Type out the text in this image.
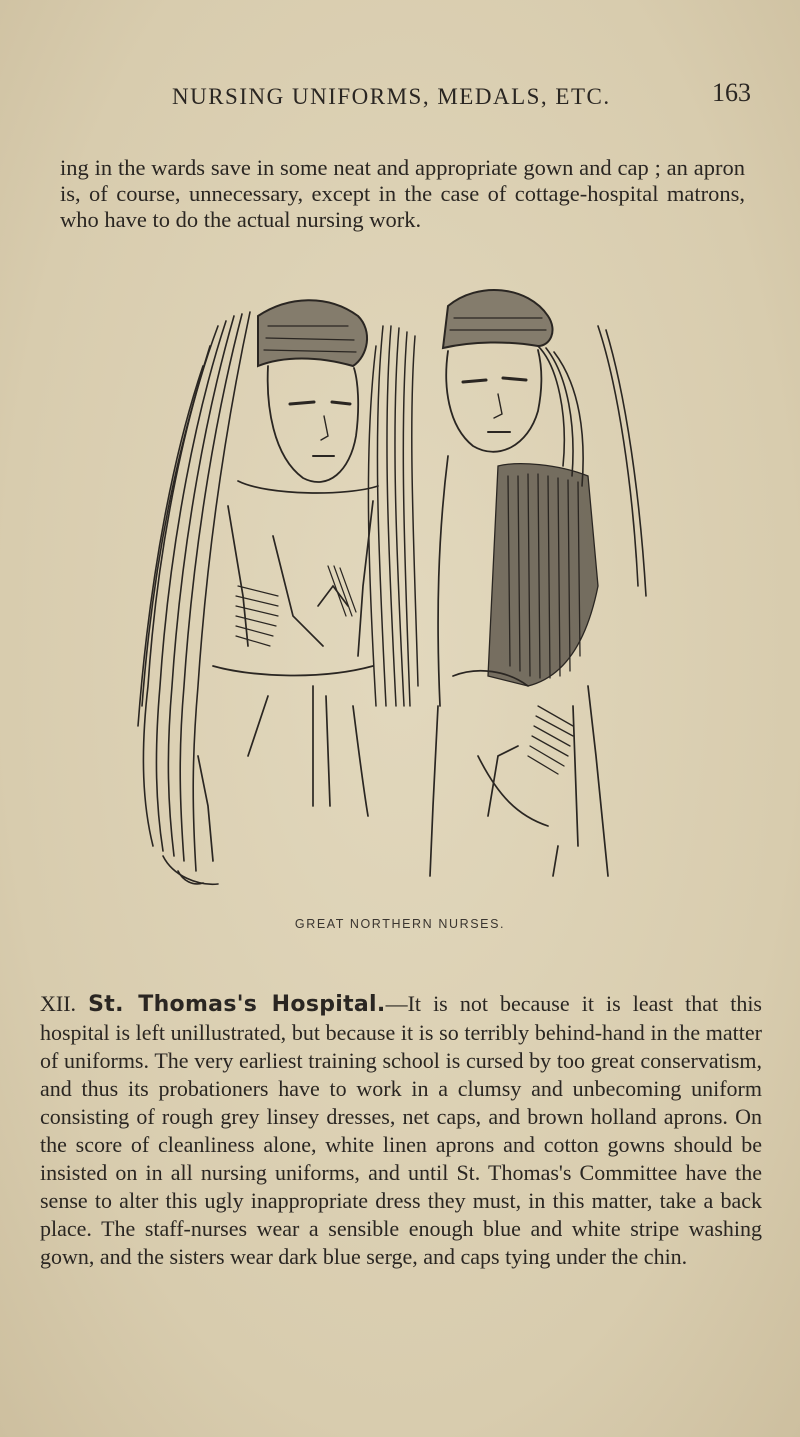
NURSING UNIFORMS, MEDALS, ETC.	163

ing in the wards save in some neat and appropriate gown and cap ; an apron is, of course, unnecessary, except in the case of cottage-hospital matrons, who have to do the actual nursing work.

GREAT NORTHERN NURSES.

XII. St. Thomas's Hospital.—It is not because it is least that this hospital is left unillustrated, but because it is so terribly behind-hand in the matter of uniforms. The very earliest training school is cursed by too great conservatism, and thus its probationers have to work in a clumsy and unbecoming uniform consisting of rough grey linsey dresses, net caps, and brown holland aprons. On the score of cleanliness alone, white linen aprons and cotton gowns should be insisted on in all nursing uniforms, and until St. Thomas's Committee have the sense to alter this ugly inappropriate dress they must, in this matter, take a back place. The staff-nurses wear a sensible enough blue and white stripe washing gown, and the sisters wear dark blue serge, and caps tying under the chin.
